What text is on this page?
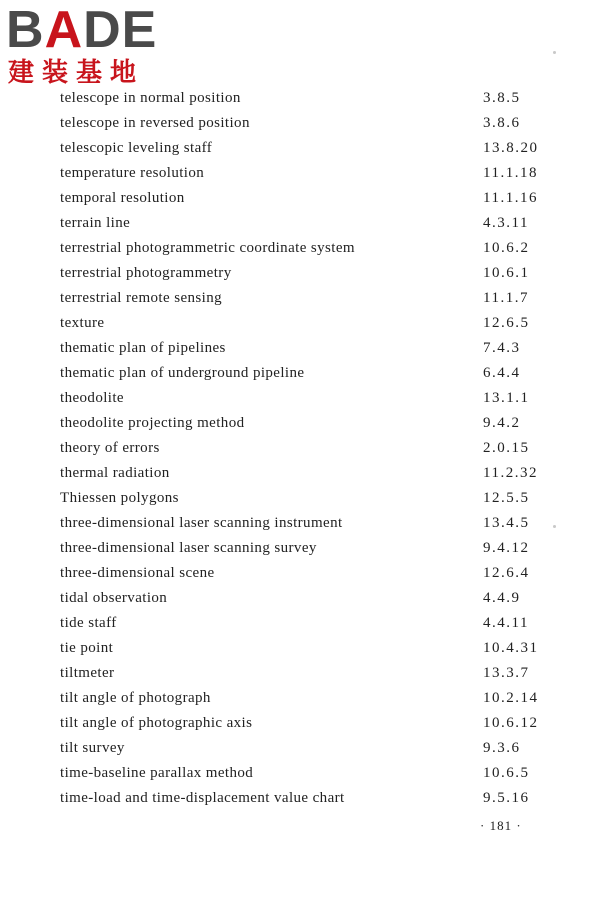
BADE
建装基地
telescope in normal position	3.8.5
telescope in reversed position	3.8.6
telescopic leveling staff	13.8.20
temperature resolution	11.1.18
temporal resolution	11.1.16
terrain line	4.3.11
terrestrial photogrammetric coordinate system	10.6.2
terrestrial photogrammetry	10.6.1
terrestrial remote sensing	11.1.7
texture	12.6.5
thematic plan of pipelines	7.4.3
thematic plan of underground pipeline	6.4.4
theodolite	13.1.1
theodolite projecting method	9.4.2
theory of errors	2.0.15
thermal radiation	11.2.32
Thiessen polygons	12.5.5
three-dimensional laser scanning instrument	13.4.5
three-dimensional laser scanning survey	9.4.12
three-dimensional scene	12.6.4
tidal observation	4.4.9
tide staff	4.4.11
tie point	10.4.31
tiltmeter	13.3.7
tilt angle of photograph	10.2.14
tilt angle of photographic axis	10.6.12
tilt survey	9.3.6
time-baseline parallax method	10.6.5
time-load and time-displacement value chart	9.5.16
· 181 ·
